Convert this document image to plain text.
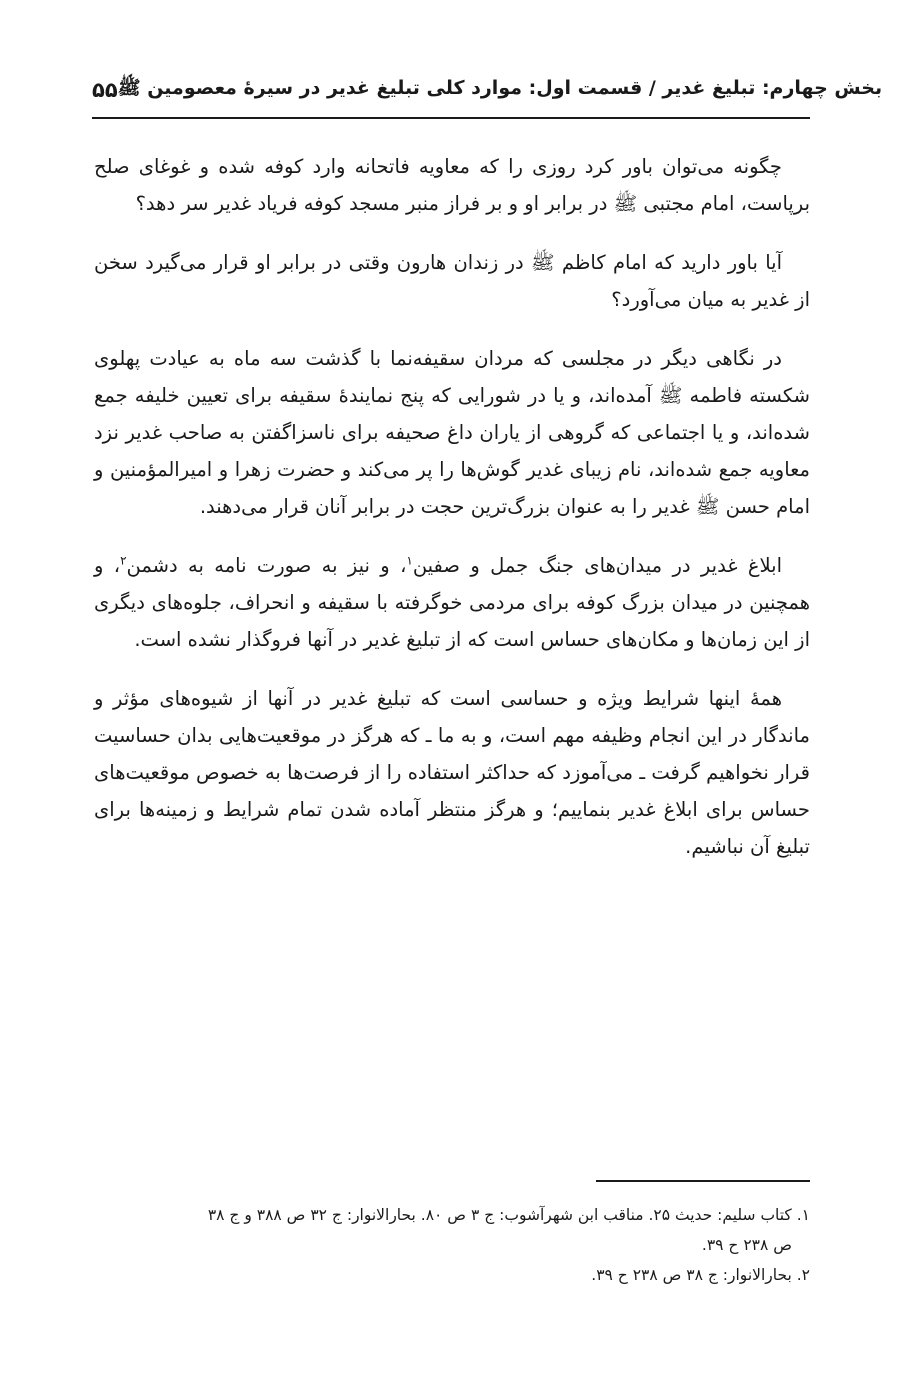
۵۵ بخش چهارم: تبلیغ غدیر / قسمت اول: موارد کلی تبلیغ غدیر در سیرهٔ معصومین ﷺ

چگونه می‌توان باور کرد روزی را که معاویه فاتحانه وارد کوفه شده و غوغای صلح برپاست، امام مجتبی ﷺ در برابر او و بر فراز منبر مسجد کوفه فریاد غدیر سر دهد؟

آیا باور دارید که امام کاظم ﷺ در زندان هارون وقتی در برابر او قرار می‌گیرد سخن از غدیر به میان می‌آورد؟

در نگاهی دیگر در مجلسی که مردان سقیفه‌نما با گذشت سه ماه به عیادت پهلوی شکسته فاطمه ﷺ آمده‌اند، و یا در شورایی که پنج نمایندهٔ سقیفه برای تعیین خلیفه جمع شده‌اند، و یا اجتماعی که گروهی از یاران داغ صحیفه برای ناسزاگفتن به صاحب غدیر نزد معاویه جمع شده‌اند، نام زیبای غدیر گوش‌ها را پر می‌کند و حضرت زهرا و امیرالمؤمنین و امام حسن ﷺ غدیر را به عنوان بزرگ‌ترین حجت در برابر آنان قرار می‌دهند.

ابلاغ غدیر در میدان‌های جنگ جمل و صفین$^۱$، و نیز به صورت نامه به دشمن$^۲$، و همچنین در میدان بزرگ کوفه برای مردمی خوگرفته با سقیفه و انحراف، جلوه‌های دیگری از این زمان‌ها و مکان‌های حساس است که از تبلیغ غدیر در آنها فروگذار نشده است.

همهٔ اینها شرایط ویژه و حساسی است که تبلیغ غدیر در آنها از شیوه‌های مؤثر و ماندگار در این انجام وظیفه مهم است، و به ما ـ که هرگز در موقعیت‌هایی بدان حساسیت قرار نخواهیم گرفت ـ می‌آموزد که حداکثر استفاده را از فرصت‌ها به خصوص موقعیت‌های حساس برای ابلاغ غدیر بنماییم؛ و هرگز منتظر آماده شدن تمام شرایط و زمینه‌ها برای تبلیغ آن نباشیم.

۱. کتاب سلیم: حدیث ۲۵. مناقب ابن شهرآشوب: ج ۳ ص ۸۰. بحارالانوار: ج ۳۲ ص ۳۸۸ و ج ۳۸

ص ۲۳۸ ح ۳۹.

۲. بحارالانوار: ج ۳۸ ص ۲۳۸ ح ۳۹.
